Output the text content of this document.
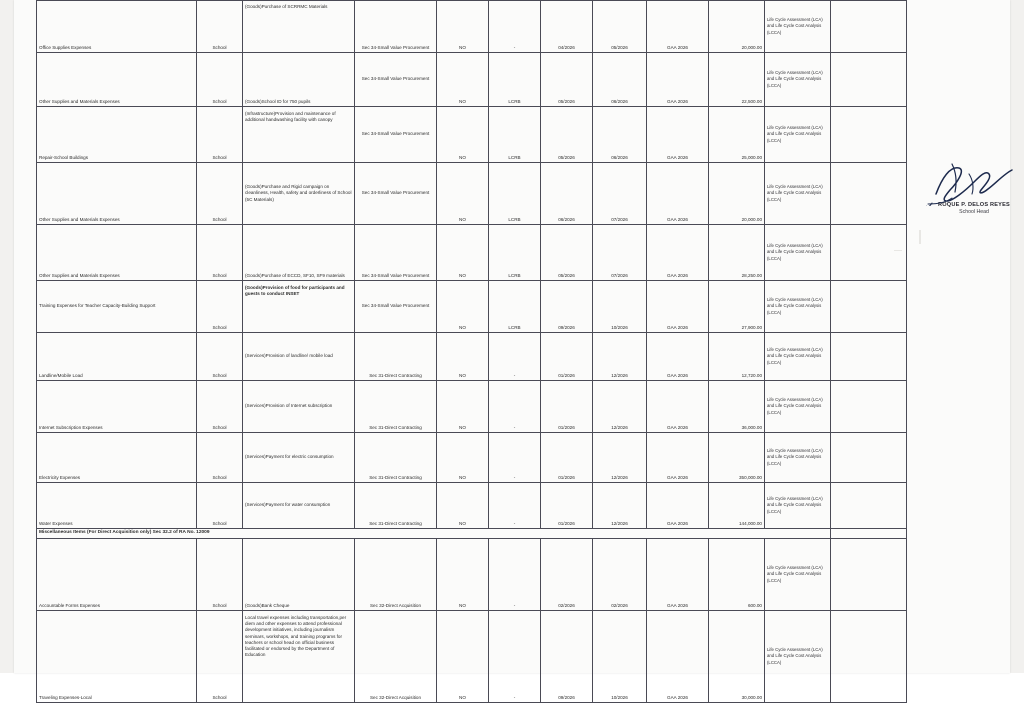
Office Supplies Expenses	School	(Goods)Purchase of SCRRMC Materials	Sec 34-Small Value Procurement	NO	-	04/2026	05/2026	GAA 2026	20,000.00	Life Cycle Assessment (LCA) and Life Cycle Cost Analysis (LCCA)	
Other Supplies and Materials Expenses	School	(Goods)School ID for 750 pupils	Sec 34-Small Value Procurement	NO	LCRB	05/2026	06/2026	GAA 2026	22,500.00	Life Cycle Assessment (LCA) and Life Cycle Cost Analysis (LCCA)	
Repair-School Buildings	School	(Infrastructure)Provision and maintenance of additional handwashing facility with canopy	Sec 34-Small Value Procurement	NO	LCRB	05/2026	06/2026	GAA 2026	25,000.00	Life Cycle Assessment (LCA) and Life Cycle Cost Analysis (LCCA)	
Other Supplies and Materials Expenses	School	(Goods)Purchase and Rigid campaign on cleanliness, Health, safety and orderliness of School (5C Materials)	Sec 34-Small Value Procurement	NO	LCRB	06/2026	07/2026	GAA 2026	20,000.00	Life Cycle Assessment (LCA) and Life Cycle Cost Analysis (LCCA)	
Other Supplies and Materials Expenses	School	(Goods)Purchase of ECCD, SF10, SF9 materials	Sec 34-Small Value Procurement	NO	LCRB	05/2026	07/2026	GAA 2026	28,250.00	Life Cycle Assessment (LCA) and Life Cycle Cost Analysis (LCCA)	

Training Expenses for Teacher Capacity-Building Support	School	(Goods)Provision of food for participants and guests to conduct INSET	Sec 34-Small Value Procurement	NO	LCRB	09/2026	10/2026	GAA 2026	27,900.00	Life Cycle Assessment (LCA) and Life Cycle Cost Analysis (LCCA)	
Landline/Mobile Load	School	(Services)Provision of landline/ mobile load	Sec 31-Direct Contracting	NO	-	01/2026	12/2026	GAA 2026	12,720.00	Life Cycle Assessment (LCA) and Life Cycle Cost Analysis (LCCA)	
Internet Subscription Expenses	School	(Services)Provision of Internet subscription	Sec 31-Direct Contracting	NO	-	01/2026	12/2026	GAA 2026	36,000.00	Life Cycle Assessment (LCA) and Life Cycle Cost Analysis (LCCA)	
Electricity Expenses	School	(Services)Payment for electric consumption	Sec 31-Direct Contracting	NO	-	01/2026	12/2026	GAA 2026	350,000.00	Life Cycle Assessment (LCA) and Life Cycle Cost Analysis (LCCA)	
Water Expenses	School	(Services)Payment for water consumption	Sec 31-Direct Contracting	NO	-	01/2026	12/2026	GAA 2026	144,000.00	Life Cycle Assessment (LCA) and Life Cycle Cost Analysis (LCCA)	
Miscellaneous Items (For Direct Acquisition only) Sec 32.2 of RA No. 12009											
Accountable Forms Expenses	School	(Goods)Bank Cheque	Sec 32-Direct Acquisition	NO	-	02/2026	02/2026	GAA 2026	600.00	Life Cycle Assessment (LCA) and Life Cycle Cost Analysis (LCCA)	
Traveling Expenses-Local	School	Local travel expenses including transportation,per diem and other expenses to attend professional development initiatives, including journalism seminars, workshops, and training programs for teachers or school head on official business facilitated or endorsed by the Department of Education	Sec 32-Direct Acquisition	NO	-	09/2026	10/2026	GAA 2026	30,000.00	Life Cycle Assessment (LCA) and Life Cycle Cost Analysis (LCCA)	
ROQUE P. DELOS REYES
School Head
